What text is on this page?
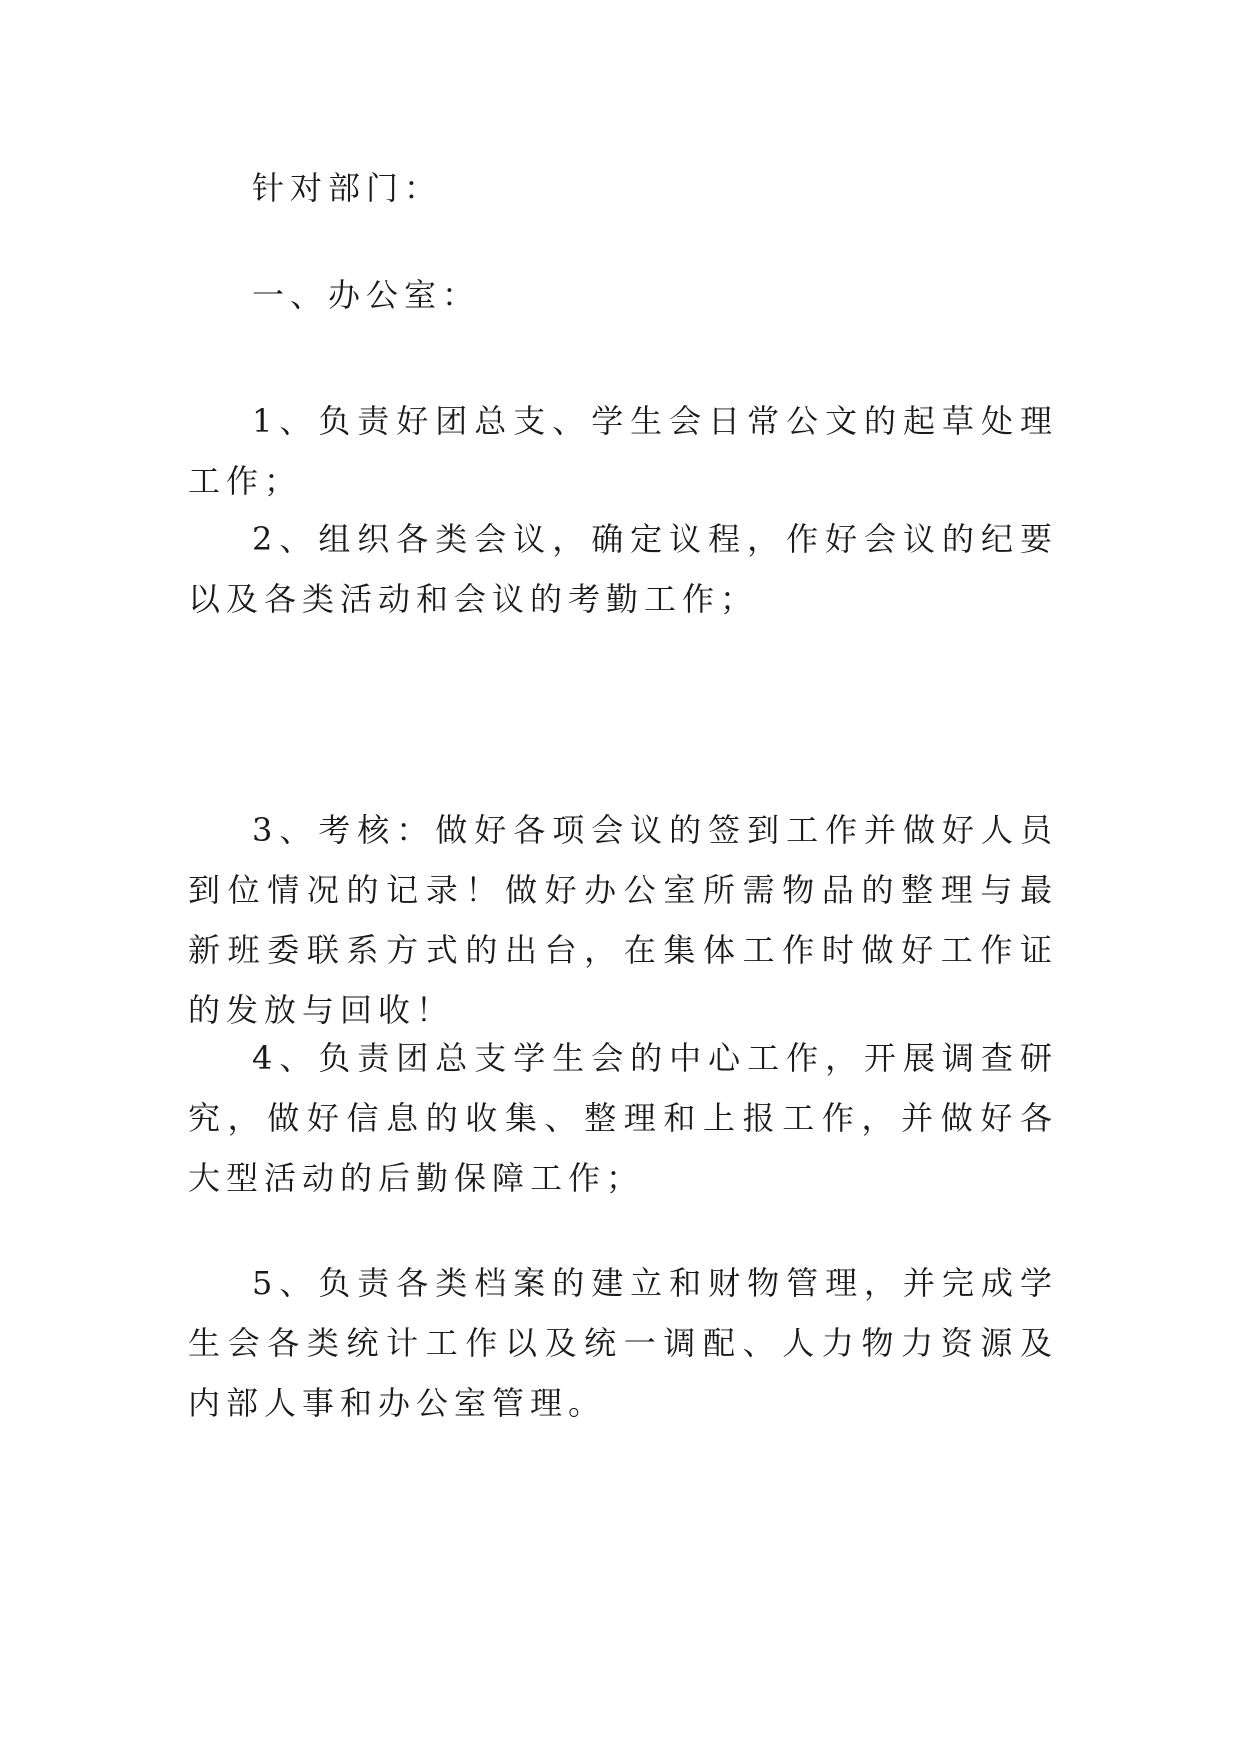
针对部门：

一、办公室：

1、负责好团总支、学生会日常公文的起草处理工作；

2、组织各类会议，确定议程，作好会议的纪要以及各类活动和会议的考勤工作；

3、考核：做好各项会议的签到工作并做好人员到位情况的记录！做好办公室所需物品的整理与最新班委联系方式的出台，在集体工作时做好工作证的发放与回收！

4、负责团总支学生会的中心工作，开展调查研究，做好信息的收集、整理和上报工作，并做好各大型活动的后勤保障工作；

5、负责各类档案的建立和财物管理，并完成学生会各类统计工作以及统一调配、人力物力资源及内部人事和办公室管理。
